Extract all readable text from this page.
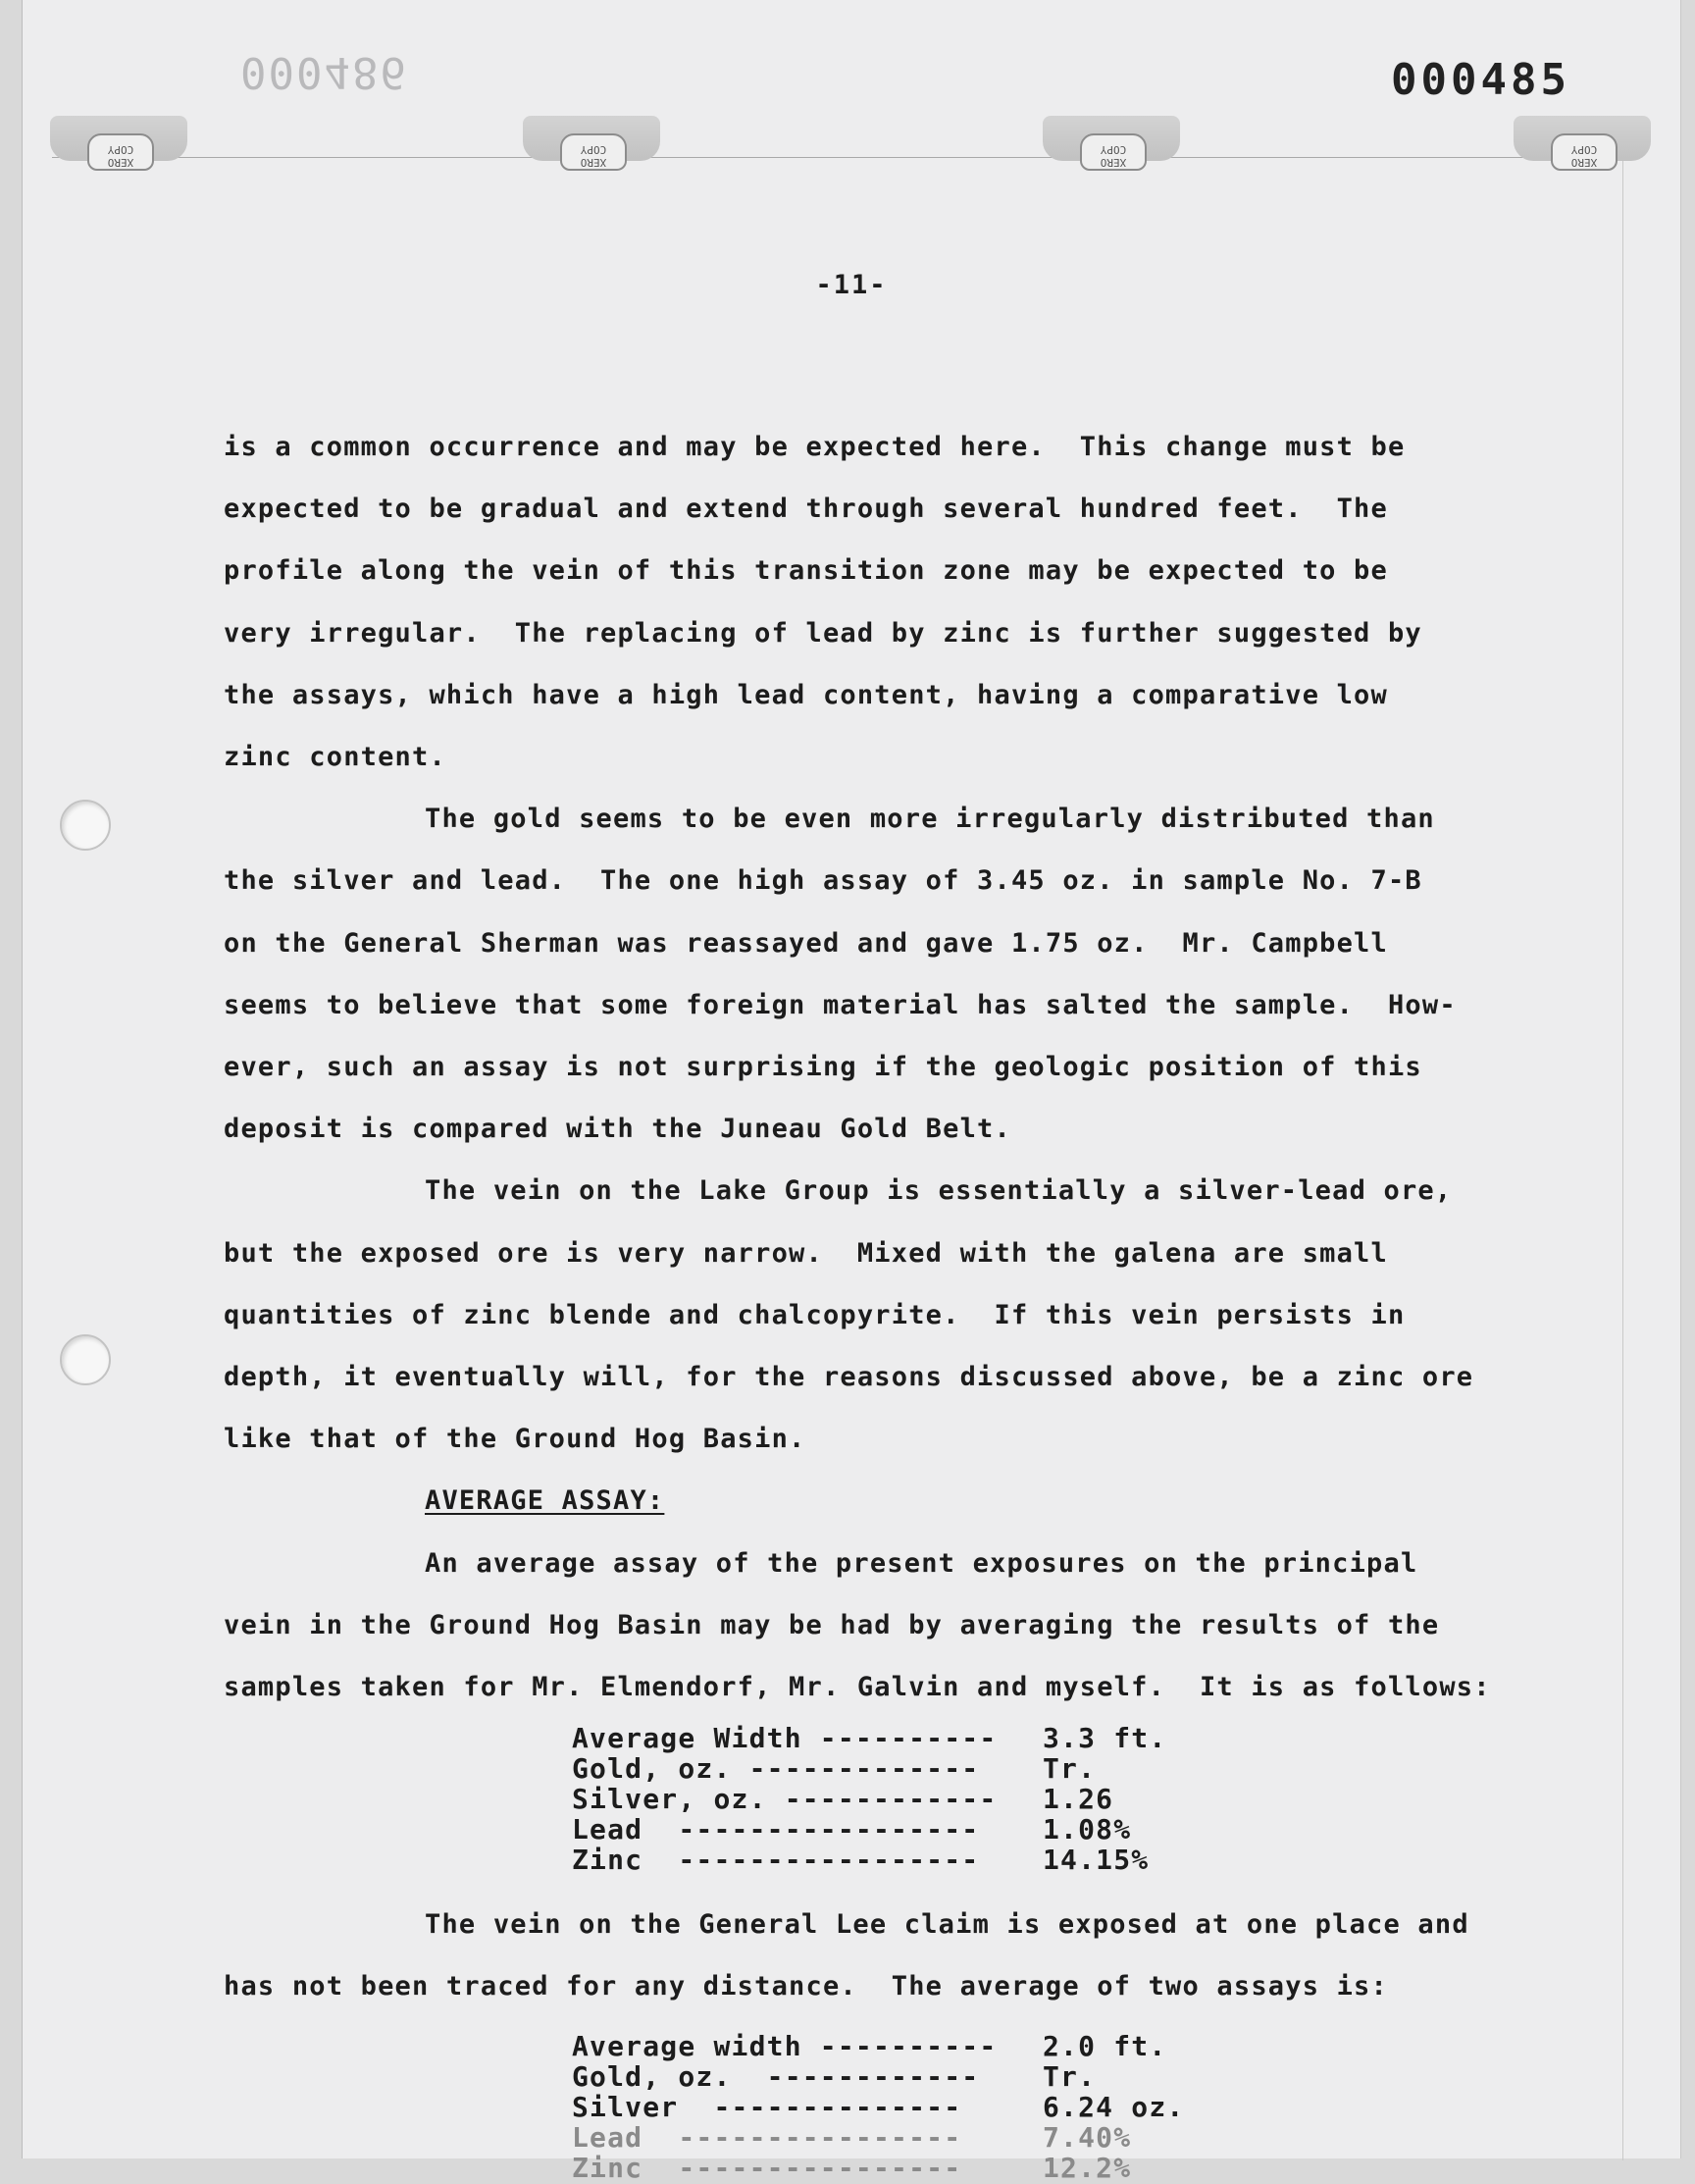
000486	000485
XERO
COPY
XERO
COPY
XERO
COPY
XERO
COPY
-11-

is a common occurrence and may be expected here.  This change must be

expected to be gradual and extend through several hundred feet.  The

profile along the vein of this transition zone may be expected to be

very irregular.  The replacing of lead by zinc is further suggested by

the assays, which have a high lead content, having a comparative low

zinc content.

The gold seems to be even more irregularly distributed than

the silver and lead.  The one high assay of 3.45 oz. in sample No. 7-B

on the General Sherman was reassayed and gave 1.75 oz.  Mr. Campbell

seems to believe that some foreign material has salted the sample.  How-

ever, such an assay is not surprising if the geologic position of this

deposit is compared with the Juneau Gold Belt.

The vein on the Lake Group is essentially a silver-lead ore,

but the exposed ore is very narrow.  Mixed with the galena are small

quantities of zinc blende and chalcopyrite.  If this vein persists in

depth, it eventually will, for the reasons discussed above, be a zinc ore

like that of the Ground Hog Basin.

AVERAGE ASSAY:

An average assay of the present exposures on the principal

vein in the Ground Hog Basin may be had by averaging the results of the

samples taken for Mr. Elmendorf, Mr. Galvin and myself.  It is as follows:

Average Width ---------- 3.3 ft.
Gold, oz. ------------- Tr.
Silver, oz. ------------ 1.26
Lead  ----------------- 1.08%
Zinc  ----------------- 14.15%

The vein on the General Lee claim is exposed at one place and

has not been traced for any distance.  The average of two assays is:

Average width ---------- 2.0 ft.
Gold, oz.  ------------ Tr.
Silver  --------------	6.24 oz.
Lead  ----------------	7.40%
Zinc  ----------------	12.2%
